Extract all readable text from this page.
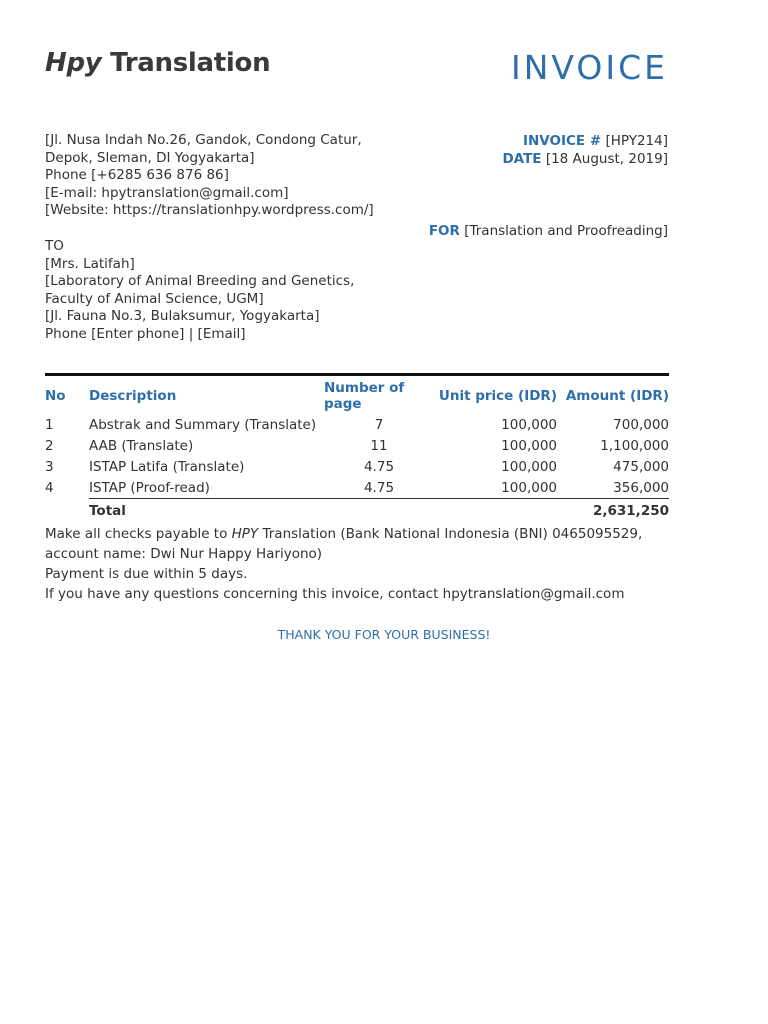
Hpy Translation	INVOICE
[Jl. Nusa Indah No.26, Gandok, Condong Catur,
Depok, Sleman, DI Yogyakarta]
Phone [+6285 636 876 86]
[E-mail: hpytranslation@gmail.com]
[Website: https://translationhpy.wordpress.com/]
INVOICE # [HPY214]
DATE [18 August, 2019]
FOR [Translation and Proofreading]
TO
[Mrs. Latifah]
[Laboratory of Animal Breeding and Genetics,
Faculty of Animal Science, UGM]
[Jl. Fauna No.3, Bulaksumur, Yogyakarta]
Phone [Enter phone] | [Email]
No	Description	Number of page	Unit price (IDR)	Amount (IDR)
1	Abstrak and Summary (Translate)	7	100,000	700,000
2	AAB (Translate)	11	100,000	1,100,000
3	ISTAP Latifa (Translate)	4.75	100,000	475,000
4	ISTAP (Proof-read)	4.75	100,000	356,000
	Total			2,631,250
Make all checks payable to HPY Translation (Bank National Indonesia (BNI) 0465095529,
account name: Dwi Nur Happy Hariyono)
Payment is due within 5 days.
If you have any questions concerning this invoice, contact hpytranslation@gmail.com
THANK YOU FOR YOUR BUSINESS!
